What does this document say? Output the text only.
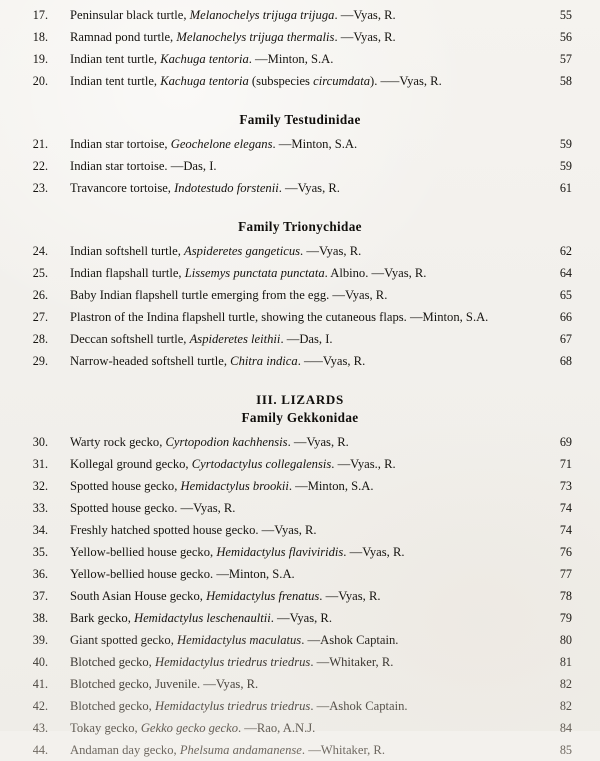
17.	Peninsular black turtle, Melanochelys trijuga trijuga. —Vyas, R.	55
18.	Ramnad pond turtle, Melanochelys trijuga thermalis. —Vyas, R.	56
19.	Indian tent turtle, Kachuga tentoria. —Minton, S.A.	57
20.	Indian tent turtle, Kachuga tentoria (subspecies circumdata). –—Vyas, R.	58
Family Testudinidae
21.	Indian star tortoise, Geochelone elegans. —Minton, S.A.	59
22.	Indian star tortoise. —Das, I.	59
23.	Travancore tortoise, Indotestudo forstenii. —Vyas, R.	61
Family Trionychidae
24.	Indian softshell turtle, Aspideretes gangeticus. —Vyas, R.	62
25.	Indian flapshall turtle, Lissemys punctata punctata. Albino. —Vyas, R.	64
26.	Baby Indian flapshell turtle emerging from the egg. —Vyas, R.	65
27.	Plastron of the Indina flapshell turtle, showing the cutaneous flaps. —Minton, S.A.	66
28.	Deccan softshell turtle, Aspideretes leithii. —Das, I.	67
29.	Narrow-headed softshell turtle, Chitra indica. –—Vyas, R.	68
III. LIZARDS
Family Gekkonidae
30.	Warty rock gecko, Cyrtopodion kachhensis. —Vyas, R.	69
31.	Kollegal ground gecko, Cyrtodactylus collegalensis. —Vyas., R.	71
32.	Spotted house gecko, Hemidactylus brookii. —Minton, S.A.	73
33.	Spotted house gecko. —Vyas, R.	74
34.	Freshly hatched spotted house gecko. —Vyas, R.	74
35.	Yellow-bellied house gecko, Hemidactylus flaviviridis. —Vyas, R.	76
36.	Yellow-bellied house gecko. —Minton, S.A.	77
37.	South Asian House gecko, Hemidactylus frenatus. —Vyas, R.	78
38.	Bark gecko, Hemidactylus leschenaultii. —Vyas, R.	79
39.	Giant spotted gecko, Hemidactylus maculatus. —Ashok Captain.	80
40.	Blotched gecko, Hemidactylus triedrus triedrus. —Whitaker, R.	81
41.	Blotched gecko, Juvenile. —Vyas, R.	82
42.	Blotched gecko, Hemidactylus triedrus triedrus. —Ashok Captain.	82
43.	Tokay gecko, Gekko gecko gecko. —Rao, A.N.J.	84
44.	Andaman day gecko, Phelsuma andamanense. —Whitaker, R.	85
